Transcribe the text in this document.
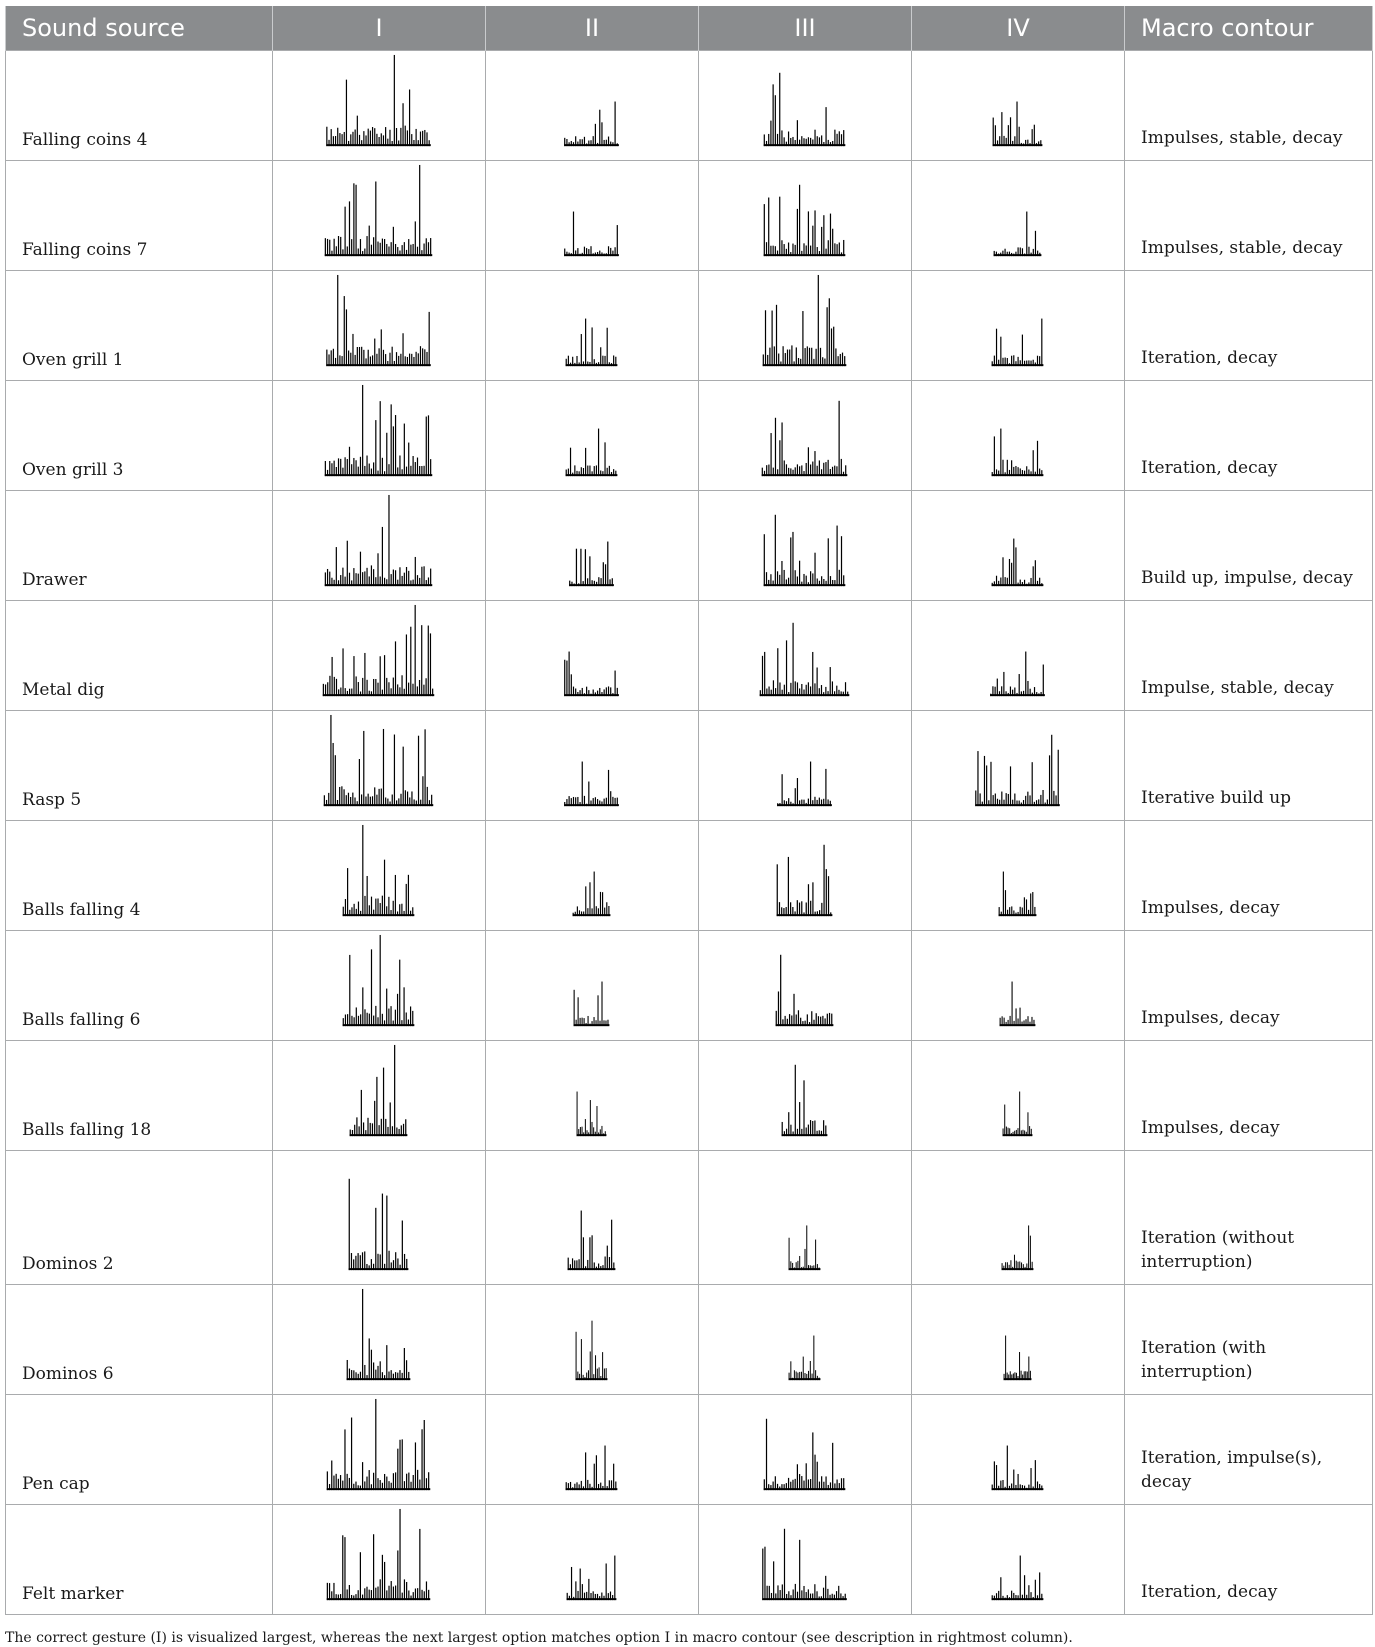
Sound source	I	II	III	IV	Macro contour
Falling coins 4					Impulses, stable, decay
Falling coins 7					Impulses, stable, decay
Oven grill 1					Iteration, decay
Oven grill 3					Iteration, decay
Drawer					Build up, impulse, decay
Metal dig					Impulse, stable, decay
Rasp 5					Iterative build up
Balls falling 4					Impulses, decay
Balls falling 6					Impulses, decay
Balls falling 18					Impulses, decay
Dominos 2					Iteration (without interruption)
Dominos 6					Iteration (with interruption)
Pen cap					Iteration, impulse(s), decay
Felt marker					Iteration, decay
The correct gesture (I) is visualized largest, whereas the next largest option matches option I in macro contour (see description in rightmost column).
